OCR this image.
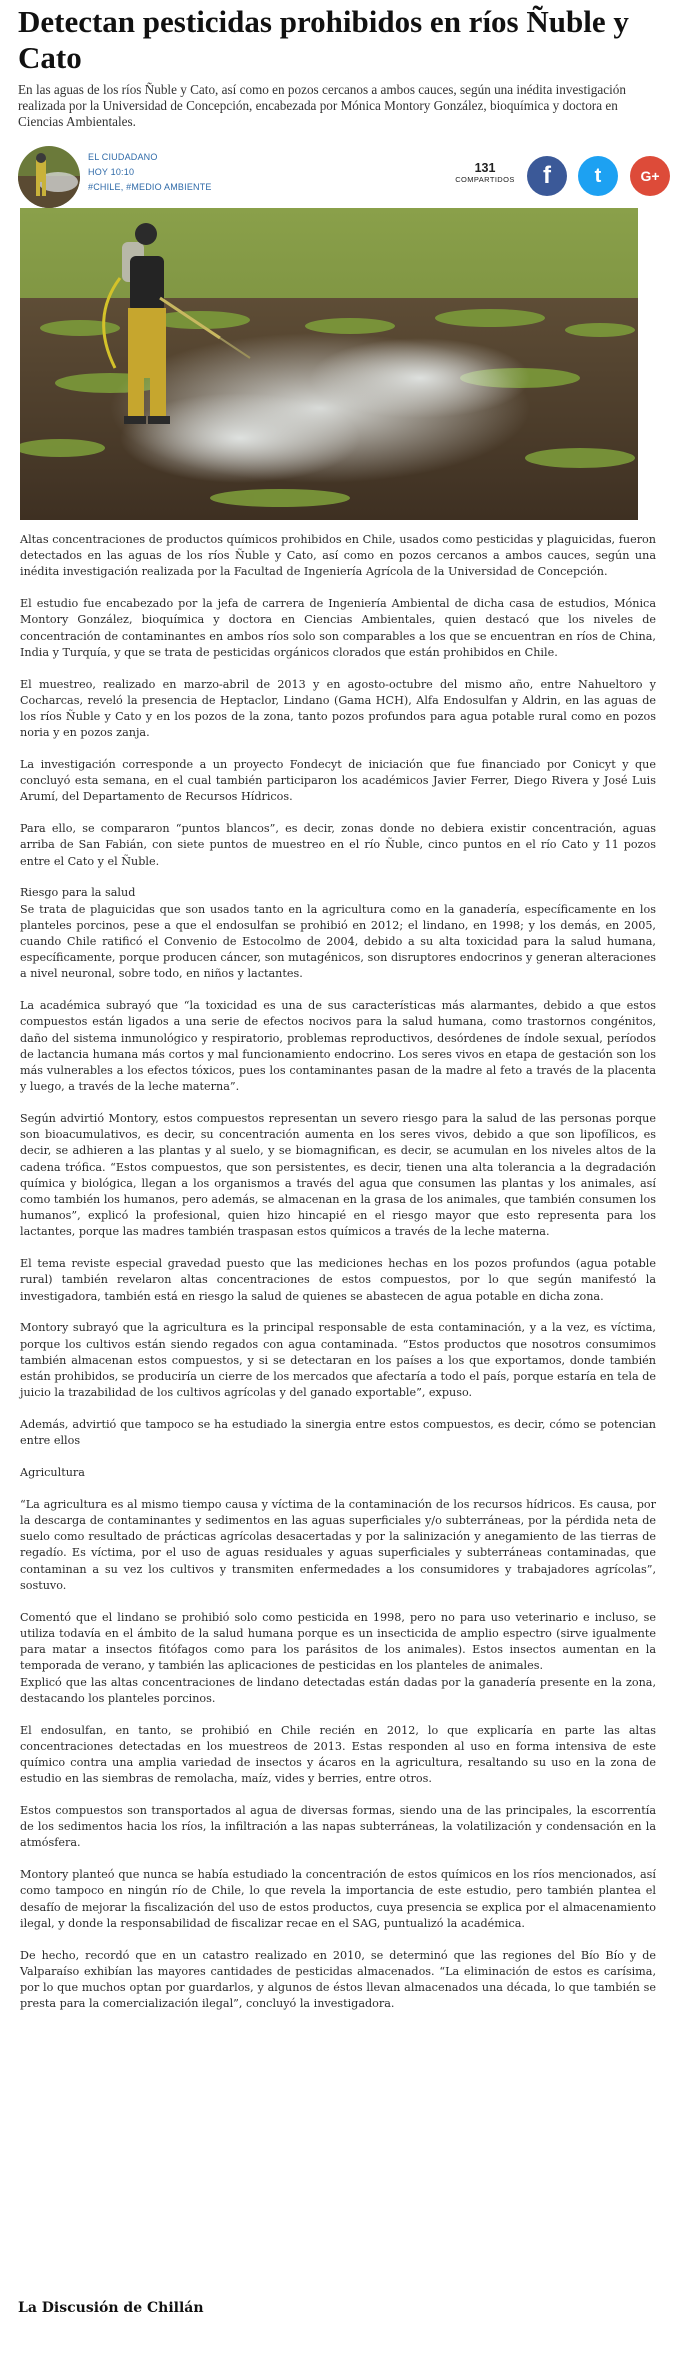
Detectan pesticidas prohibidos en ríos Ñuble y Cato

En las aguas de los ríos Ñuble y Cato, así como en pozos cercanos a ambos cauces, según una inédita investigación realizada por la Universidad de Concepción, encabezada por Mónica Montory González, bioquímica y doctora en Ciencias Ambientales.

EL CIUDADANO
HOY 10:10
#CHILE, #MEDIO AMBIENTE
131
COMPARTIDOS	f t	G+

Altas concentraciones de productos químicos prohibidos en Chile, usados como pesticidas y plaguicidas, fueron detectados en las aguas de los ríos Ñuble y Cato, así como en pozos cercanos a ambos cauces, según una inédita investigación realizada por la Facultad de Ingeniería Agrícola de la Universidad de Concepción.

El estudio fue encabezado por la jefa de carrera de Ingeniería Ambiental de dicha casa de estudios, Mónica Montory González, bioquímica y doctora en Ciencias Ambientales, quien destacó que los niveles de concentración de contaminantes en ambos ríos solo son comparables a los que se encuentran en ríos de China, India y Turquía, y que se trata de pesticidas orgánicos clorados que están prohibidos en Chile.

El muestreo, realizado en marzo-abril de 2013 y en agosto-octubre del mismo año, entre Nahueltoro y Cocharcas, reveló la presencia de Heptaclor, Lindano (Gama HCH), Alfa Endosulfan y Aldrin, en las aguas de los ríos Ñuble y Cato y en los pozos de la zona, tanto pozos profundos para agua potable rural como en pozos noria y en pozos zanja.

La investigación corresponde a un proyecto Fondecyt de iniciación que fue financiado por Conicyt y que concluyó esta semana, en el cual también participaron los académicos Javier Ferrer, Diego Rivera y José Luis Arumí, del Departamento de Recursos Hídricos.

Para ello, se compararon “puntos blancos”, es decir, zonas donde no debiera existir concentración, aguas arriba de San Fabián, con siete puntos de muestreo en el río Ñuble, cinco puntos en el río Cato y 11 pozos entre el Cato y el Ñuble.

Riesgo para la salud

Se trata de plaguicidas que son usados tanto en la agricultura como en la ganadería, específicamente en los planteles porcinos, pese a que el endosulfan se prohibió en 2012; el lindano, en 1998; y los demás, en 2005, cuando Chile ratificó el Convenio de Estocolmo de 2004, debido a su alta toxicidad para la salud humana, específicamente, porque producen cáncer, son mutagénicos, son disruptores endocrinos y generan alteraciones a nivel neuronal, sobre todo, en niños y lactantes.

La académica subrayó que “la toxicidad es una de sus características más alarmantes, debido a que estos compuestos están ligados a una serie de efectos nocivos para la salud humana, como trastornos congénitos, daño del sistema inmunológico y respiratorio, problemas reproductivos, desórdenes de índole sexual, períodos de lactancia humana más cortos y mal funcionamiento endocrino. Los seres vivos en etapa de gestación son los más vulnerables a los efectos tóxicos, pues los contaminantes pasan de la madre al feto a través de la placenta y luego, a través de la leche materna”.

Según advirtió Montory, estos compuestos representan un severo riesgo para la salud de las personas porque son bioacumulativos, es decir, su concentración aumenta en los seres vivos, debido a que son lipofílicos, es decir, se adhieren a las plantas y al suelo, y se biomagnifican, es decir, se acumulan en los niveles altos de la cadena trófica. “Estos compuestos, que son persistentes, es decir, tienen una alta tolerancia a la degradación química y biológica, llegan a los organismos a través del agua que consumen las plantas y los animales, así como también los humanos, pero además, se almacenan en la grasa de los animales, que también consumen los humanos”, explicó la profesional, quien hizo hincapié en el riesgo mayor que esto representa para los lactantes, porque las madres también traspasan estos químicos a través de la leche materna.

El tema reviste especial gravedad puesto que las mediciones hechas en los pozos profundos (agua potable rural) también revelaron altas concentraciones de estos compuestos, por lo que según manifestó la investigadora, también está en riesgo la salud de quienes se abastecen de agua potable en dicha zona.

Montory subrayó que la agricultura es la principal responsable de esta contaminación, y a la vez, es víctima, porque los cultivos están siendo regados con agua contaminada. “Estos productos que nosotros consumimos también almacenan estos compuestos, y si se detectaran en los países a los que exportamos, donde también están prohibidos, se produciría un cierre de los mercados que afectaría a todo el país, porque estaría en tela de juicio la trazabilidad de los cultivos agrícolas y del ganado exportable”, expuso.

Además, advirtió que tampoco se ha estudiado la sinergia entre estos compuestos, es decir, cómo se potencian entre ellos

Agricultura

“La agricultura es al mismo tiempo causa y víctima de la contaminación de los recursos hídricos. Es causa, por la descarga de contaminantes y sedimentos en las aguas superficiales y/o subterráneas, por la pérdida neta de suelo como resultado de prácticas agrícolas desacertadas y por la salinización y anegamiento de las tierras de regadío. Es víctima, por el uso de aguas residuales y aguas superficiales y subterráneas contaminadas, que contaminan a su vez los cultivos y transmiten enfermedades a los consumidores y trabajadores agrícolas”, sostuvo.

Comentó que el lindano se prohibió solo como pesticida en 1998, pero no para uso veterinario e incluso, se utiliza todavía en el ámbito de la salud humana porque es un insecticida de amplio espectro (sirve igualmente para matar a insectos fitófagos como para los parásitos de los animales). Estos insectos aumentan en la temporada de verano, y también las aplicaciones de pesticidas en los planteles de animales.

Explicó que las altas concentraciones de lindano detectadas están dadas por la ganadería presente en la zona, destacando los planteles porcinos.

El endosulfan, en tanto, se prohibió en Chile recién en 2012, lo que explicaría en parte las altas concentraciones detectadas en los muestreos de 2013. Estas responden al uso en forma intensiva de este químico contra una amplia variedad de insectos y ácaros en la agricultura, resaltando su uso en la zona de estudio en las siembras de remolacha, maíz, vides y berries, entre otros.

Estos compuestos son transportados al agua de diversas formas, siendo una de las principales, la escorrentía de los sedimentos hacia los ríos, la infiltración a las napas subterráneas, la volatilización y condensación en la atmósfera.

Montory planteó que nunca se había estudiado la concentración de estos químicos en los ríos mencionados, así como tampoco en ningún río de Chile, lo que revela la importancia de este estudio, pero también plantea el desafío de mejorar la fiscalización del uso de estos productos, cuya presencia se explica por el almacenamiento ilegal, y donde la responsabilidad de fiscalizar recae en el SAG, puntualizó la académica.

De hecho, recordó que en un catastro realizado en 2010, se determinó que las regiones del Bío Bío y de Valparaíso exhibían las mayores cantidades de pesticidas almacenados. “La eliminación de estos es carísima, por lo que muchos optan por guardarlos, y algunos de éstos llevan almacenados una década, lo que también se presta para la comercialización ilegal”, concluyó la investigadora.

La Discusión de Chillán
